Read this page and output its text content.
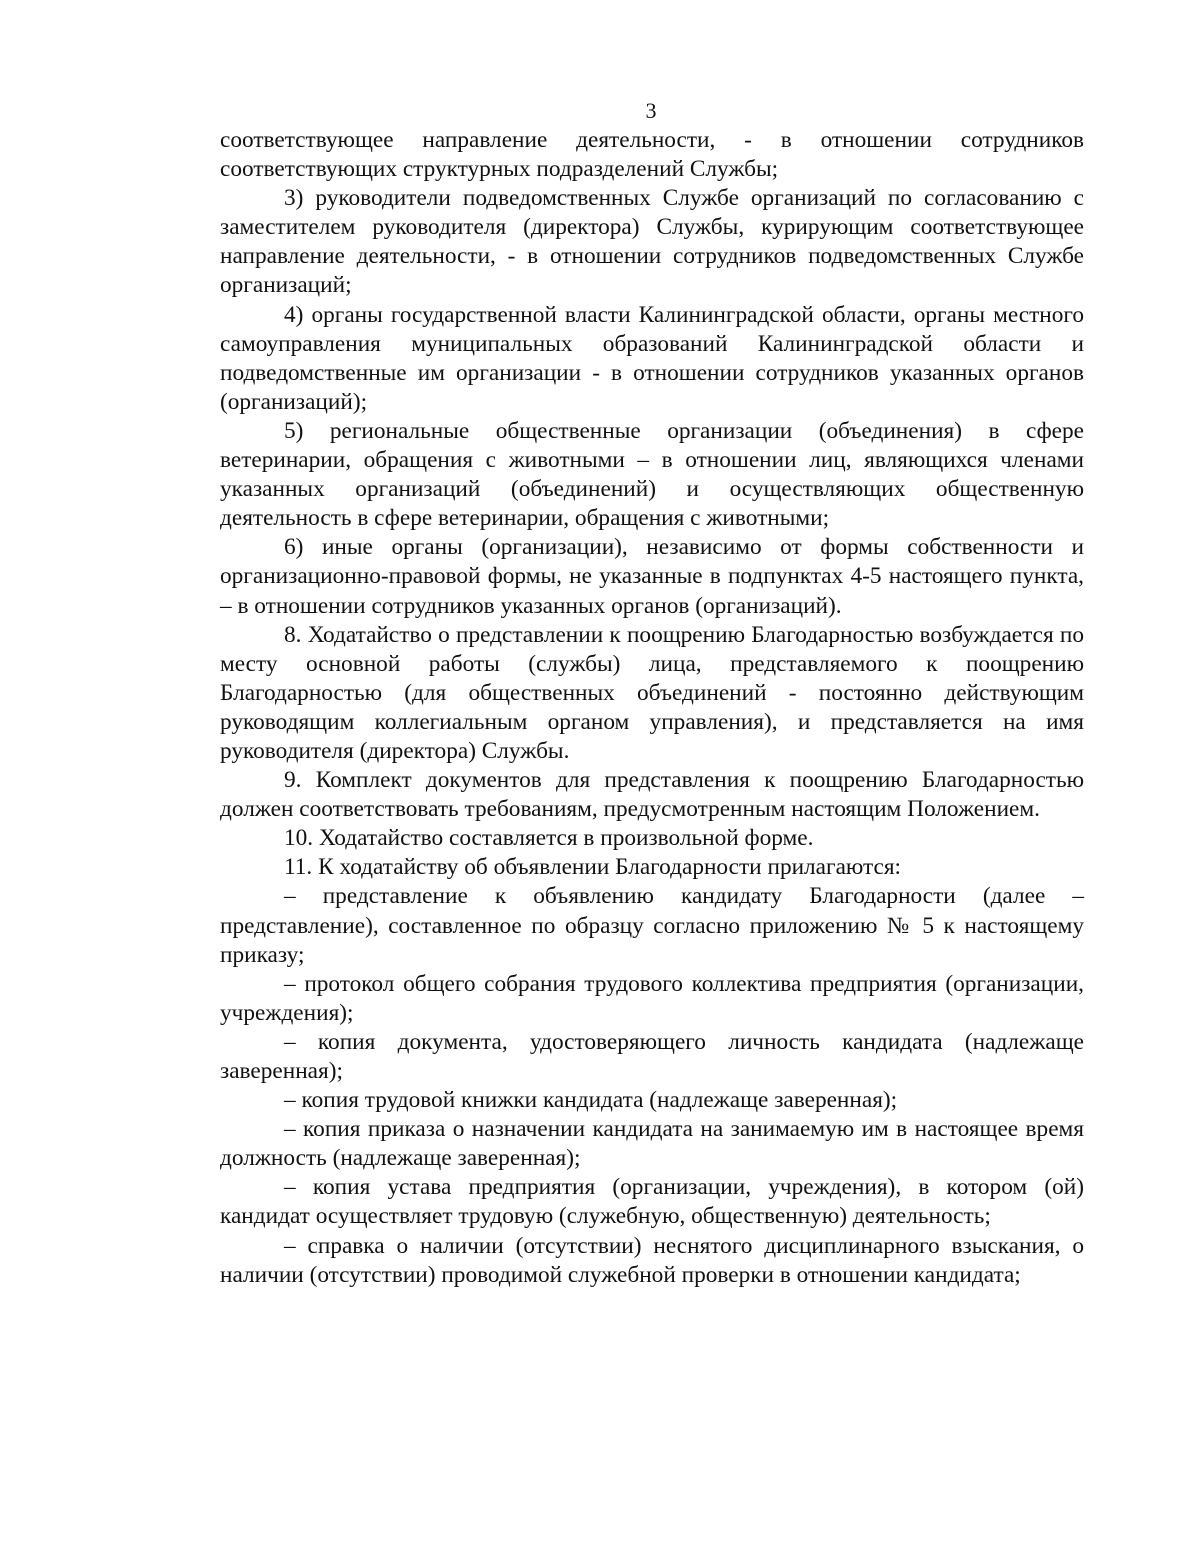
3

соответствующее направление деятельности, - в отношении сотрудников соответствующих структурных подразделений Службы;

3) руководители подведомственных Службе организаций по согласованию с заместителем руководителя (директора) Службы, курирующим соответствующее направление деятельности, - в отношении сотрудников подведомственных Службе организаций;

4) органы государственной власти Калининградской области, органы местного самоуправления муниципальных образований Калининградской области и подведомственные им организации - в отношении сотрудников указанных органов (организаций);

5) региональные общественные организации (объединения) в сфере ветеринарии, обращения с животными – в отношении лиц, являющихся членами указанных организаций (объединений) и осуществляющих общественную деятельность в сфере ветеринарии, обращения с животными;

6) иные органы (организации), независимо от формы собственности и организационно-правовой формы, не указанные в подпунктах 4-5 настоящего пункта, – в отношении сотрудников указанных органов (организаций).

8. Ходатайство о представлении к поощрению Благодарностью возбуждается по месту основной работы (службы) лица, представляемого к поощрению Благодарностью (для общественных объединений - постоянно действующим руководящим коллегиальным органом управления), и представляется на имя руководителя (директора) Службы.

9. Комплект документов для представления к поощрению Благодарностью должен соответствовать требованиям, предусмотренным настоящим Положением.

10. Ходатайство составляется в произвольной форме.

11. К ходатайству об объявлении Благодарности прилагаются:

– представление к объявлению кандидату Благодарности (далее – представление), составленное по образцу согласно приложению № 5 к настоящему приказу;

– протокол общего собрания трудового коллектива предприятия (организации, учреждения);

– копия документа, удостоверяющего личность кандидата (надлежаще заверенная);

– копия трудовой книжки кандидата (надлежаще заверенная);

– копия приказа о назначении кандидата на занимаемую им в настоящее время должность (надлежаще заверенная);

– копия устава предприятия (организации, учреждения), в котором (ой) кандидат осуществляет трудовую (служебную, общественную) деятельность;

– справка о наличии (отсутствии) неснятого дисциплинарного взыскания, о наличии (отсутствии) проводимой служебной проверки в отношении кандидата;
